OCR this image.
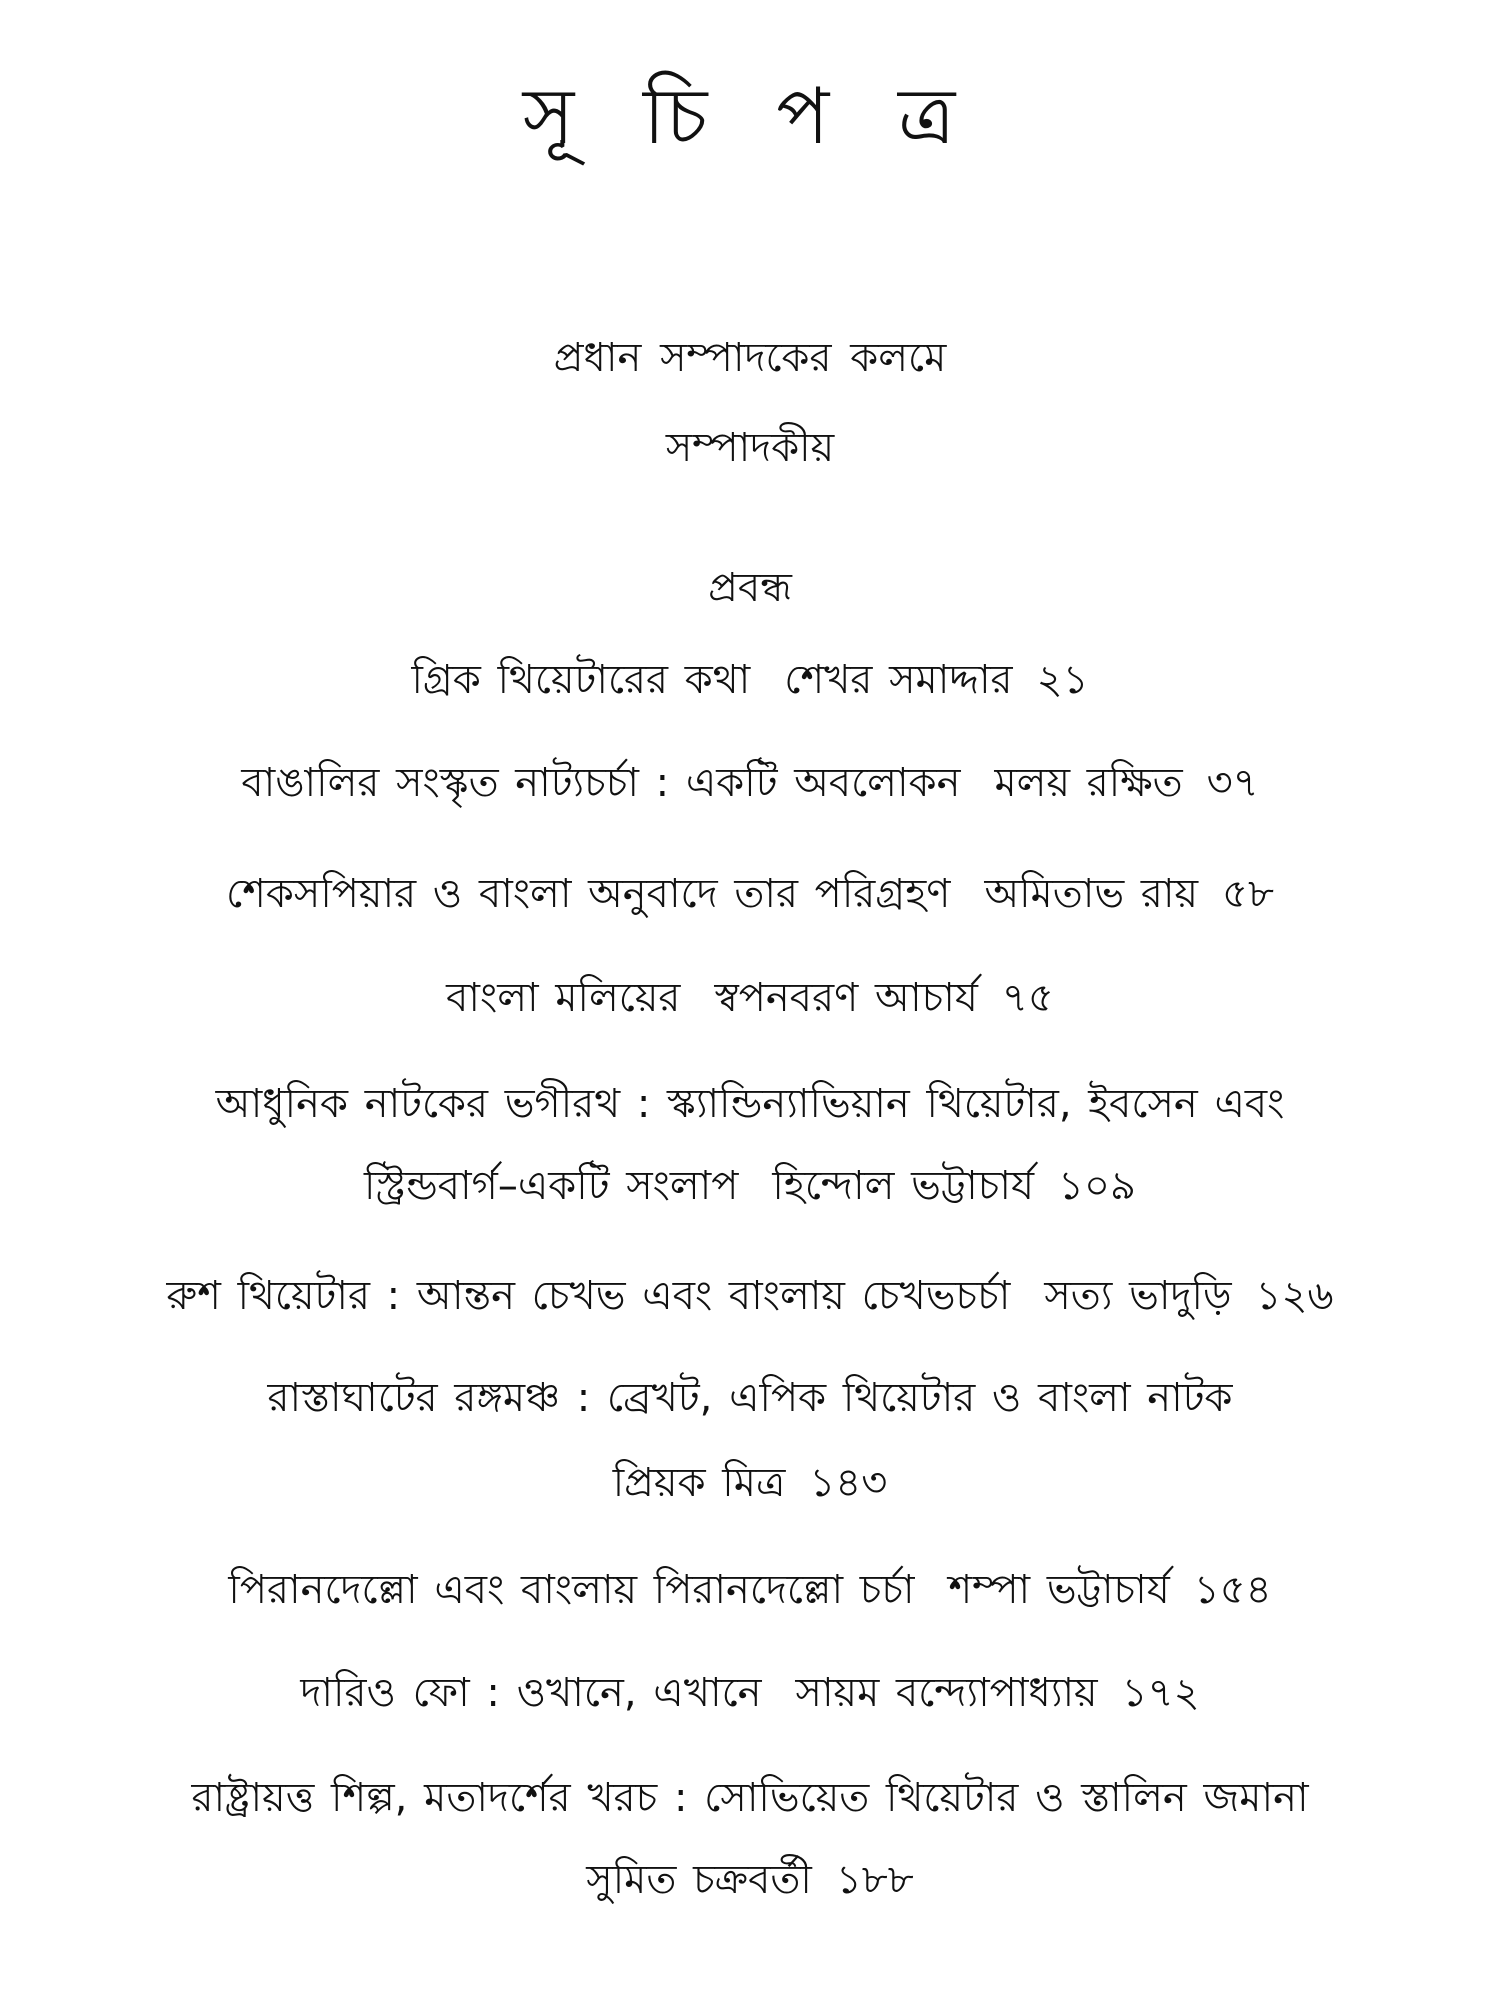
সূ চি প ত্র
প্রধান সম্পাদকের কলমে
সম্পাদকীয়
প্রবন্ধ
গ্রিক থিয়েটারের কথা শেখর সমাদ্দার ২১
বাঙালির সংস্কৃত নাট্যচর্চা : একটি অবলোকন মলয় রক্ষিত ৩৭
শেকসপিয়ার ও বাংলা অনুবাদে তার পরিগ্রহণ অমিতাভ রায় ৫৮
বাংলা মলিয়ের স্বপনবরণ আচার্য ৭৫
আধুনিক নাটকের ভগীরথ : স্ক্যান্ডিন্যাভিয়ান থিয়েটার, ইবসেন এবং
স্ট্রিন্ডবার্গ–একটি সংলাপ হিন্দোল ভট্টাচার্য ১০৯
রুশ থিয়েটার : আন্তন চেখভ এবং বাংলায় চেখভচর্চা সত্য ভাদুড়ি ১২৬
রাস্তাঘাটের রঙ্গমঞ্চ : ব্রেখট, এপিক থিয়েটার ও বাংলা নাটক
প্রিয়ক মিত্র ১৪৩
পিরানদেল্লো এবং বাংলায় পিরানদেল্লো চর্চা শম্পা ভট্টাচার্য ১৫৪
দারিও ফো : ওখানে, এখানে সায়ম বন্দ্যোপাধ্যায় ১৭২
রাষ্ট্রায়ত্ত শিল্প, মতাদর্শের খরচ : সোভিয়েত থিয়েটার ও স্তালিন জমানা
সুমিত চক্রবর্তী ১৮৮
